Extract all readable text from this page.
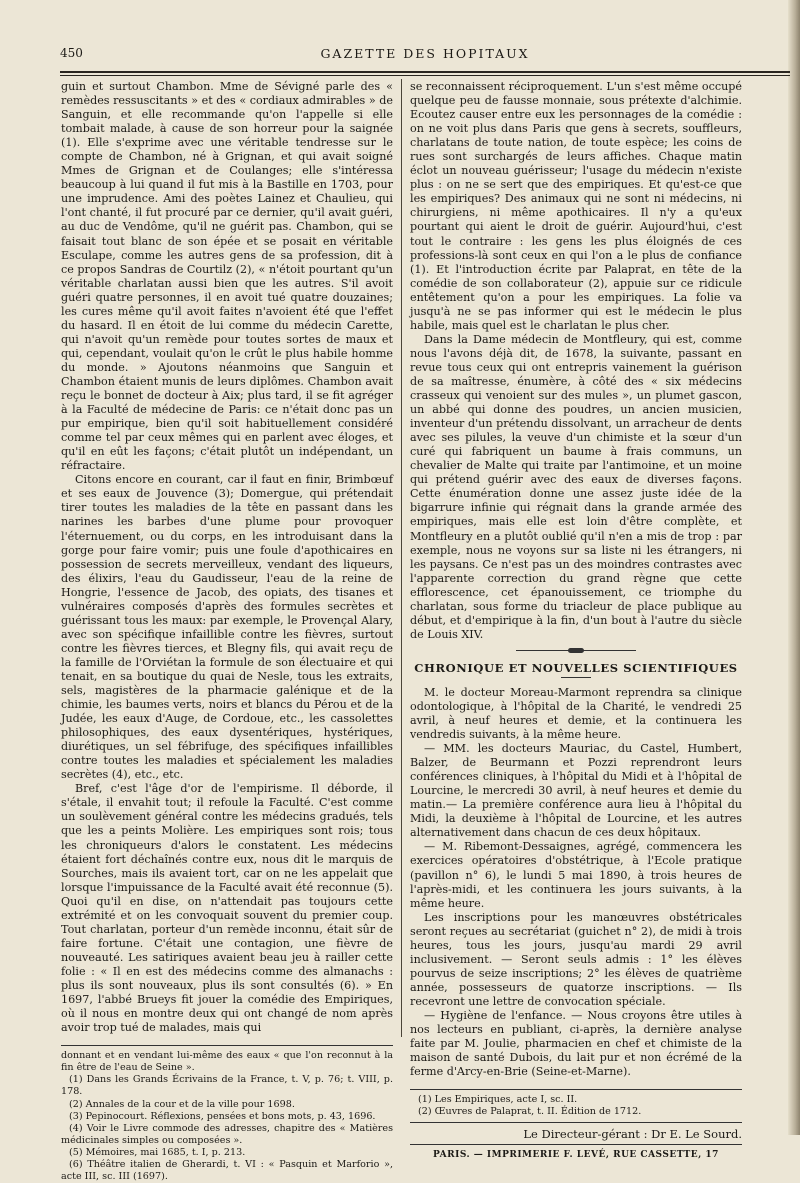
450	GAZETTE DES HOPITAUX

guin et surtout Chambon. Mme de Sévigné parle des « remèdes ressuscitants » et des « cordiaux admirables » de Sanguin, et elle recommande qu'on l'appelle si elle tombait malade, à cause de son horreur pour la saignée (1). Elle s'exprime avec une véritable tendresse sur le compte de Chambon, né à Grignan, et qui avait soigné Mmes de Grignan et de Coulanges; elle s'intéressa beaucoup à lui quand il fut mis à la Bastille en 1703, pour une imprudence. Ami des poètes Lainez et Chaulieu, qui l'ont chanté, il fut procuré par ce dernier, qu'il avait guéri, au duc de Vendôme, qu'il ne guérit pas. Chambon, qui se faisait tout blanc de son épée et se posait en véritable Esculape, comme les autres gens de sa profession, dit à ce propos Sandras de Courtilz (2), « n'étoit pourtant qu'un véritable charlatan aussi bien que les autres. S'il avoit guéri quatre personnes, il en avoit tué quatre douzaines; les cures même qu'il avoit faites n'avoient été que l'effet du hasard. Il en étoit de lui comme du médecin Carette, qui n'avoit qu'un remède pour toutes sortes de maux et qui, cependant, voulait qu'on le crût le plus habile homme du monde. » Ajoutons néanmoins que Sanguin et Chambon étaient munis de leurs diplômes. Chambon avait reçu le bonnet de docteur à Aix; plus tard, il se fit agréger à la Faculté de médecine de Paris: ce n'était donc pas un pur empirique, bien qu'il soit habituellement considéré comme tel par ceux mêmes qui en parlent avec éloges, et qu'il en eût les façons; c'était plutôt un indépendant, un réfractaire.

Citons encore en courant, car il faut en finir, Brimbœuf et ses eaux de Jouvence (3); Domergue, qui prétendait tirer toutes les maladies de la tête en passant dans les narines les barbes d'une plume pour provoquer l'éternuement, ou du corps, en les introduisant dans la gorge pour faire vomir; puis une foule d'apothicaires en possession de secrets merveilleux, vendant des liqueurs, des élixirs, l'eau du Gaudisseur, l'eau de la reine de Hongrie, l'essence de Jacob, des opiats, des tisanes et vulnéraires composés d'après des formules secrètes et guérissant tous les maux: par exemple, le Provençal Alary, avec son spécifique infaillible contre les fièvres, surtout contre les fièvres tierces, et Blegny fils, qui avait reçu de la famille de l'Orviétan la formule de son électuaire et qui tenait, en sa boutique du quai de Nesle, tous les extraits, sels, magistères de la pharmacie galénique et de la chimie, les baumes verts, noirs et blancs du Pérou et de la Judée, les eaux d'Auge, de Cordoue, etc., les cassolettes philosophiques, des eaux dysentériques, hystériques, diurétiques, un sel fébrifuge, des spécifiques infaillibles contre toutes les maladies et spécialement les maladies secrètes (4), etc., etc.

Bref, c'est l'âge d'or de l'empirisme. Il déborde, il s'étale, il envahit tout; il refoule la Faculté. C'est comme un soulèvement général contre les médecins gradués, tels que les a peints Molière. Les empiriques sont rois; tous les chroniqueurs d'alors le constatent. Les médecins étaient fort déchaînés contre eux, nous dit le marquis de Sourches, mais ils avaient tort, car on ne les appelait que lorsque l'impuissance de la Faculté avait été reconnue (5). Quoi qu'il en dise, on n'attendait pas toujours cette extrémité et on les convoquait souvent du premier coup. Tout charlatan, porteur d'un remède inconnu, était sûr de faire fortune. C'était une contagion, une fièvre de nouveauté. Les satiriques avaient beau jeu à railler cette folie : « Il en est des médecins comme des almanachs : plus ils sont nouveaux, plus ils sont consultés (6). » En 1697, l'abbé Brueys fit jouer la comédie des Empiriques, où il nous en montre deux qui ont changé de nom après avoir trop tué de malades, mais qui

donnant et en vendant lui-même des eaux « que l'on reconnut à la fin être de l'eau de Seine ».

(1) Dans les Grands Écrivains de la France, t. V, p. 76; t. VIII, p. 178.

(2) Annales de la cour et de la ville pour 1698.

(3) Pepinocourt. Réflexions, pensées et bons mots, p. 43, 1696.

(4) Voir le Livre commode des adresses, chapitre des « Matières médicinales simples ou composées ».

(5) Mémoires, mai 1685, t. I, p. 213.

(6) Théâtre italien de Gherardi, t. VI : « Pasquin et Marforio », acte III, sc. III (1697).

se reconnaissent réciproquement. L'un s'est même occupé quelque peu de fausse monnaie, sous prétexte d'alchimie. Ecoutez causer entre eux les personnages de la comédie : on ne voit plus dans Paris que gens à secrets, souffleurs, charlatans de toute nation, de toute espèce; les coins de rues sont surchargés de leurs affiches. Chaque matin éclot un nouveau guérisseur; l'usage du médecin n'existe plus : on ne se sert que des empiriques. Et qu'est-ce que les empiriques? Des animaux qui ne sont ni médecins, ni chirurgiens, ni même apothicaires. Il n'y a qu'eux pourtant qui aient le droit de guérir. Aujourd'hui, c'est tout le contraire : les gens les plus éloignés de ces professions-là sont ceux en qui l'on a le plus de confiance (1). Et l'introduction écrite par Palaprat, en tête de la comédie de son collaborateur (2), appuie sur ce ridicule entêtement qu'on a pour les empiriques. La folie va jusqu'à ne se pas informer qui est le médecin le plus habile, mais quel est le charlatan le plus cher.

Dans la Dame médecin de Montfleury, qui est, comme nous l'avons déjà dit, de 1678, la suivante, passant en revue tous ceux qui ont entrepris vainement la guérison de sa maîtresse, énumère, à côté des « six médecins crasseux qui venoient sur des mules », un plumet gascon, un abbé qui donne des poudres, un ancien musicien, inventeur d'un prétendu dissolvant, un arracheur de dents avec ses pilules, la veuve d'un chimiste et la sœur d'un curé qui fabriquent un baume à frais communs, un chevalier de Malte qui traite par l'antimoine, et un moine qui prétend guérir avec des eaux de diverses façons. Cette énumération donne une assez juste idée de la bigarrure infinie qui régnait dans la grande armée des empiriques, mais elle est loin d'être complète, et Montfleury en a plutôt oublié qu'il n'en a mis de trop : par exemple, nous ne voyons sur sa liste ni les étrangers, ni les paysans. Ce n'est pas un des moindres contrastes avec l'apparente correction du grand règne que cette efflorescence, cet épanouissement, ce triomphe du charlatan, sous forme du triacleur de place publique au début, et d'empirique à la fin, d'un bout à l'autre du siècle de Louis XIV.

CHRONIQUE ET NOUVELLES SCIENTIFIQUES

M. le docteur Moreau-Marmont reprendra sa clinique odontologique, à l'hôpital de la Charité, le vendredi 25 avril, à neuf heures et demie, et la continuera les vendredis suivants, à la même heure.

— MM. les docteurs Mauriac, du Castel, Humbert, Balzer, de Beurmann et Pozzi reprendront leurs conférences cliniques, à l'hôpital du Midi et à l'hôpital de Lourcine, le mercredi 30 avril, à neuf heures et demie du matin.— La première conférence aura lieu à l'hôpital du Midi, la deuxième à l'hôpital de Lourcine, et les autres alternativement dans chacun de ces deux hôpitaux.

— M. Ribemont-Dessaignes, agrégé, commencera les exercices opératoires d'obstétrique, à l'Ecole pratique (pavillon n° 6), le lundi 5 mai 1890, à trois heures de l'après-midi, et les continuera les jours suivants, à la même heure.

Les inscriptions pour les manœuvres obstétricales seront reçues au secrétariat (guichet n° 2), de midi à trois heures, tous les jours, jusqu'au mardi 29 avril inclusivement. — Seront seuls admis : 1° les élèves pourvus de seize inscriptions; 2° les élèves de quatrième année, possesseurs de quatorze inscriptions. — Ils recevront une lettre de convocation spéciale.

— Hygiène de l'enfance. — Nous croyons être utiles à nos lecteurs en publiant, ci-après, la dernière analyse faite par M. Joulie, pharmacien en chef et chimiste de la maison de santé Dubois, du lait pur et non écrémé de la ferme d'Arcy-en-Brie (Seine-et-Marne).

(1) Les Empiriques, acte I, sc. II.

(2) Œuvres de Palaprat, t. II. Édition de 1712.

Le Directeur-gérant : Dr E. Le Sourd.
PARIS. — IMPRIMERIE F. LEVÉ, RUE CASSETTE, 17
